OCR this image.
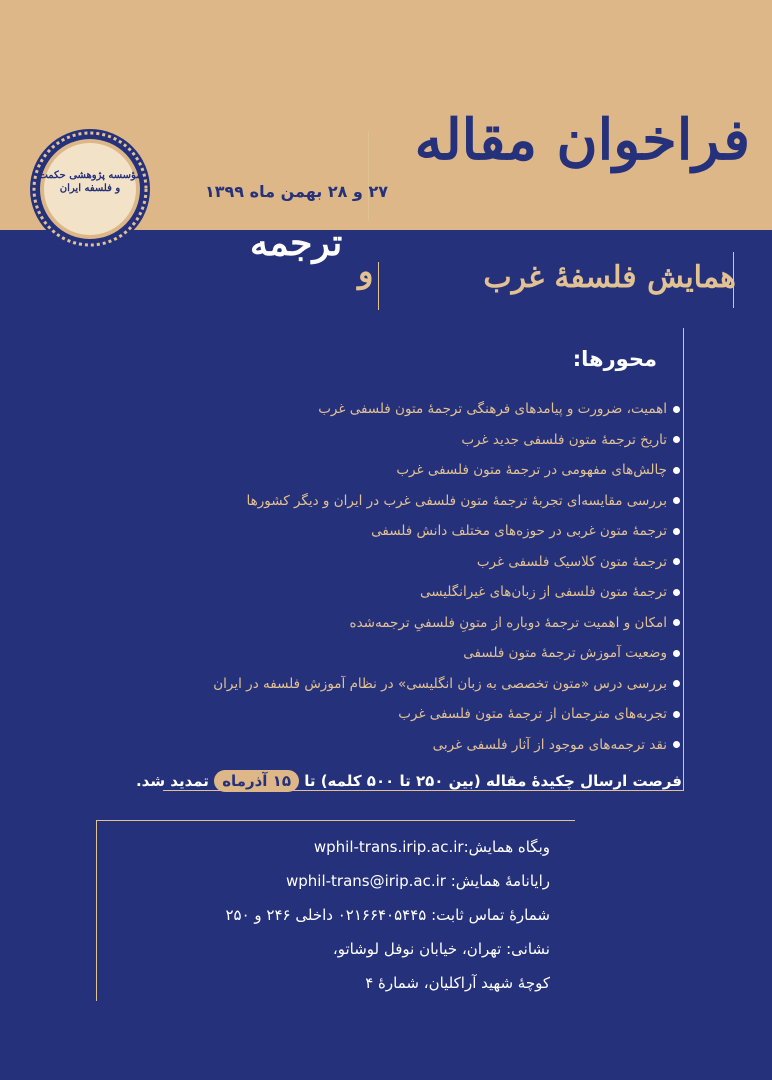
فراخوان مقاله
۲۷ و ۲۸ بهمن ماه ۱۳۹۹
ترجمه
و	همایش فلسفهٔ غرب
مؤسسه پژوهشی حکمت و فلسفه ایران
محورها:
اهمیت، ضرورت و پیامدهای فرهنگی ترجمهٔ متون فلسفی غرب
تاریخ ترجمهٔ متون فلسفی جدید غرب
چالش‌های مفهومی در ترجمهٔ متون فلسفی غرب
بررسی مقایسه‌ای تجربهٔ ترجمهٔ متون فلسفی غرب در ایران و دیگر کشورها
ترجمهٔ متون غربی در حوزه‌های مختلف دانش فلسفی
ترجمهٔ متون کلاسیک فلسفی غرب
ترجمهٔ متون فلسفی از زبان‌های غیرانگلیسی
امکان و اهمیت ترجمهٔ دوباره از متونِ فلسفیِ ترجمه‌شده
وضعیت آموزش ترجمهٔ متون فلسفی
بررسی درس «متون تخصصی به زبان انگلیسی» در نظام آموزش فلسفه در ایران
تجربه‌های مترجمان از ترجمهٔ متون فلسفی غرب
نقد ترجمه‌های موجود از آثار فلسفی غربی

فرصت ارسال چکیدهٔ مقاله (بین ۲۵۰ تا ۵۰۰ کلمه) تا ۱۵ آذرماه تمدید شد.

وبگاه همایش:wphil-trans.irip.ac.ir

رایانامهٔ همایش: wphil-trans@irip.ac.ir

شمارهٔ تماس ثابت: ۰۲۱۶۶۴۰۵۴۴۵ داخلی ۲۴۶ و ۲۵۰

نشانی: تهران، خیابان نوفل لوشاتو،

کوچهٔ شهید آراکلیان، شمارهٔ ۴
